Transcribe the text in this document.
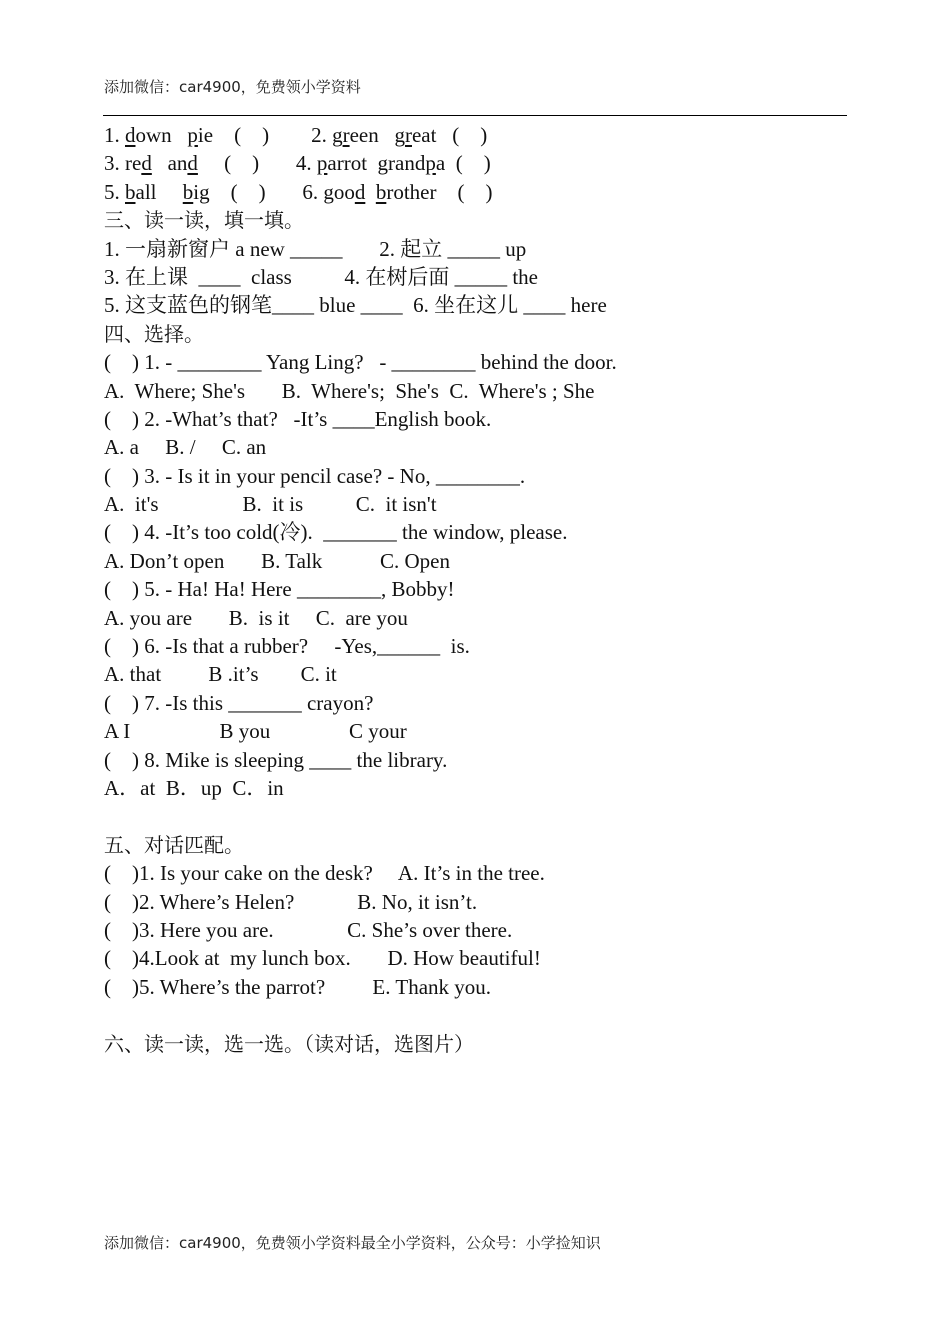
添加微信：car4900，免费领小学资料
1. down   pie    (    )        2. green   great   (    )
3. red   and     (    )       4. parrot  grandpa  (    )
5. ball     big    (    )       6. good brother    (    )
三、读一读，填一填。
1. 一扇新窗户 a new _____       2. 起立 _____ up
3. 在上课  ____  class          4. 在树后面 _____ the
5. 这支蓝色的钢笔____ blue ____  6. 坐在这儿 ____ here
四、选择。
(    ) 1. - ________ Yang Ling?   - ________ behind the door.
A.  Where; She's       B.  Where's;  She's  C.  Where's ; She
(    ) 2. -What’s that?   -It’s ____English book.
A. a     B. /     C. an
(    ) 3. - Is it in your pencil case? - No, ________.
A.  it's                B.  it is          C.  it isn't
(    ) 4. -It’s too cold(冷).  _______ the window, please.
A. Don’t open       B. Talk           C. Open
(    ) 5. - Ha! Ha! Here ________, Bobby!
A. you are       B.  is it     C.  are you
(    ) 6. -Is that a rubber?     -Yes,______  is.
A. that         B .it’s        C. it
(    ) 7. -Is this _______ crayon?
A I                 B you               C your
(    ) 8. Mike is sleeping ____ the library.
A．at  B．up  C．in
五、对话匹配。
(    )1. Is your cake on the desk?     A. It’s in the tree.
(    )2. Where’s Helen?            B. No, it isn’t.
(    )3. Here you are.              C. She’s over there.
(    )4.Look at  my lunch box.       D. How beautiful!
(    )5. Where’s the parrot?         E. Thank you.
六、读一读，选一选。（读对话，选图片）
添加微信：car4900，免费领小学资料最全小学资料，公众号：小学捡知识
